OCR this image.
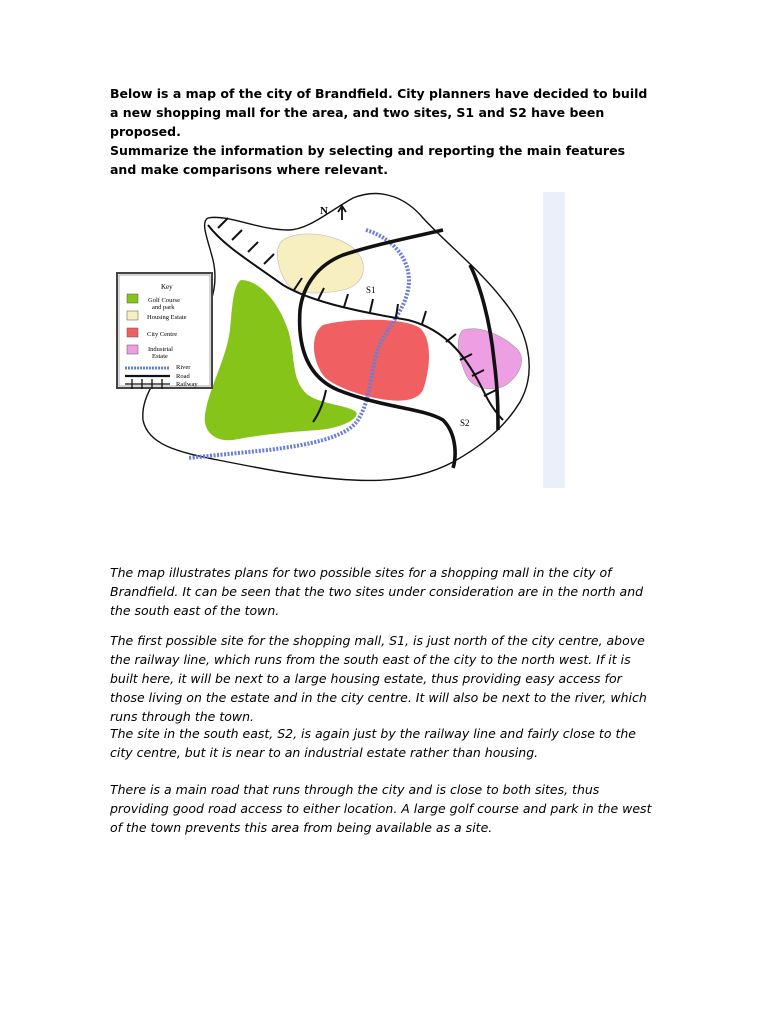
Below is a map of the city of Brandfield. City planners have decided to build a new shopping mall for the area, and two sites, S1 and S2 have been proposed.
Summarize the information by selecting and reporting the main features and make comparisons where relevant.
N
S1
S2
Key
Golf Course
and park
Housing Estate
City Centre
Industrial
Estate
River
Road
Railway
The map illustrates plans for two possible sites for a shopping mall in the city of Brandfield. It can be seen that the two sites under consideration are in the north and the south east of the town.
The first possible site for the shopping mall, S1, is just north of the city centre, above the railway line, which runs from the south east of the city to the north west. If it is built here, it will be next to a large housing estate, thus providing easy access for those living on the estate and in the city centre. It will also be next to the river, which runs through the town.
The site in the south east, S2, is again just by the railway line and fairly close to the city centre, but it is near to an industrial estate rather than housing.
There is a main road that runs through the city and is close to both sites, thus providing good road access to either location. A large golf course and park in the west of the town prevents this area from being available as a site.
